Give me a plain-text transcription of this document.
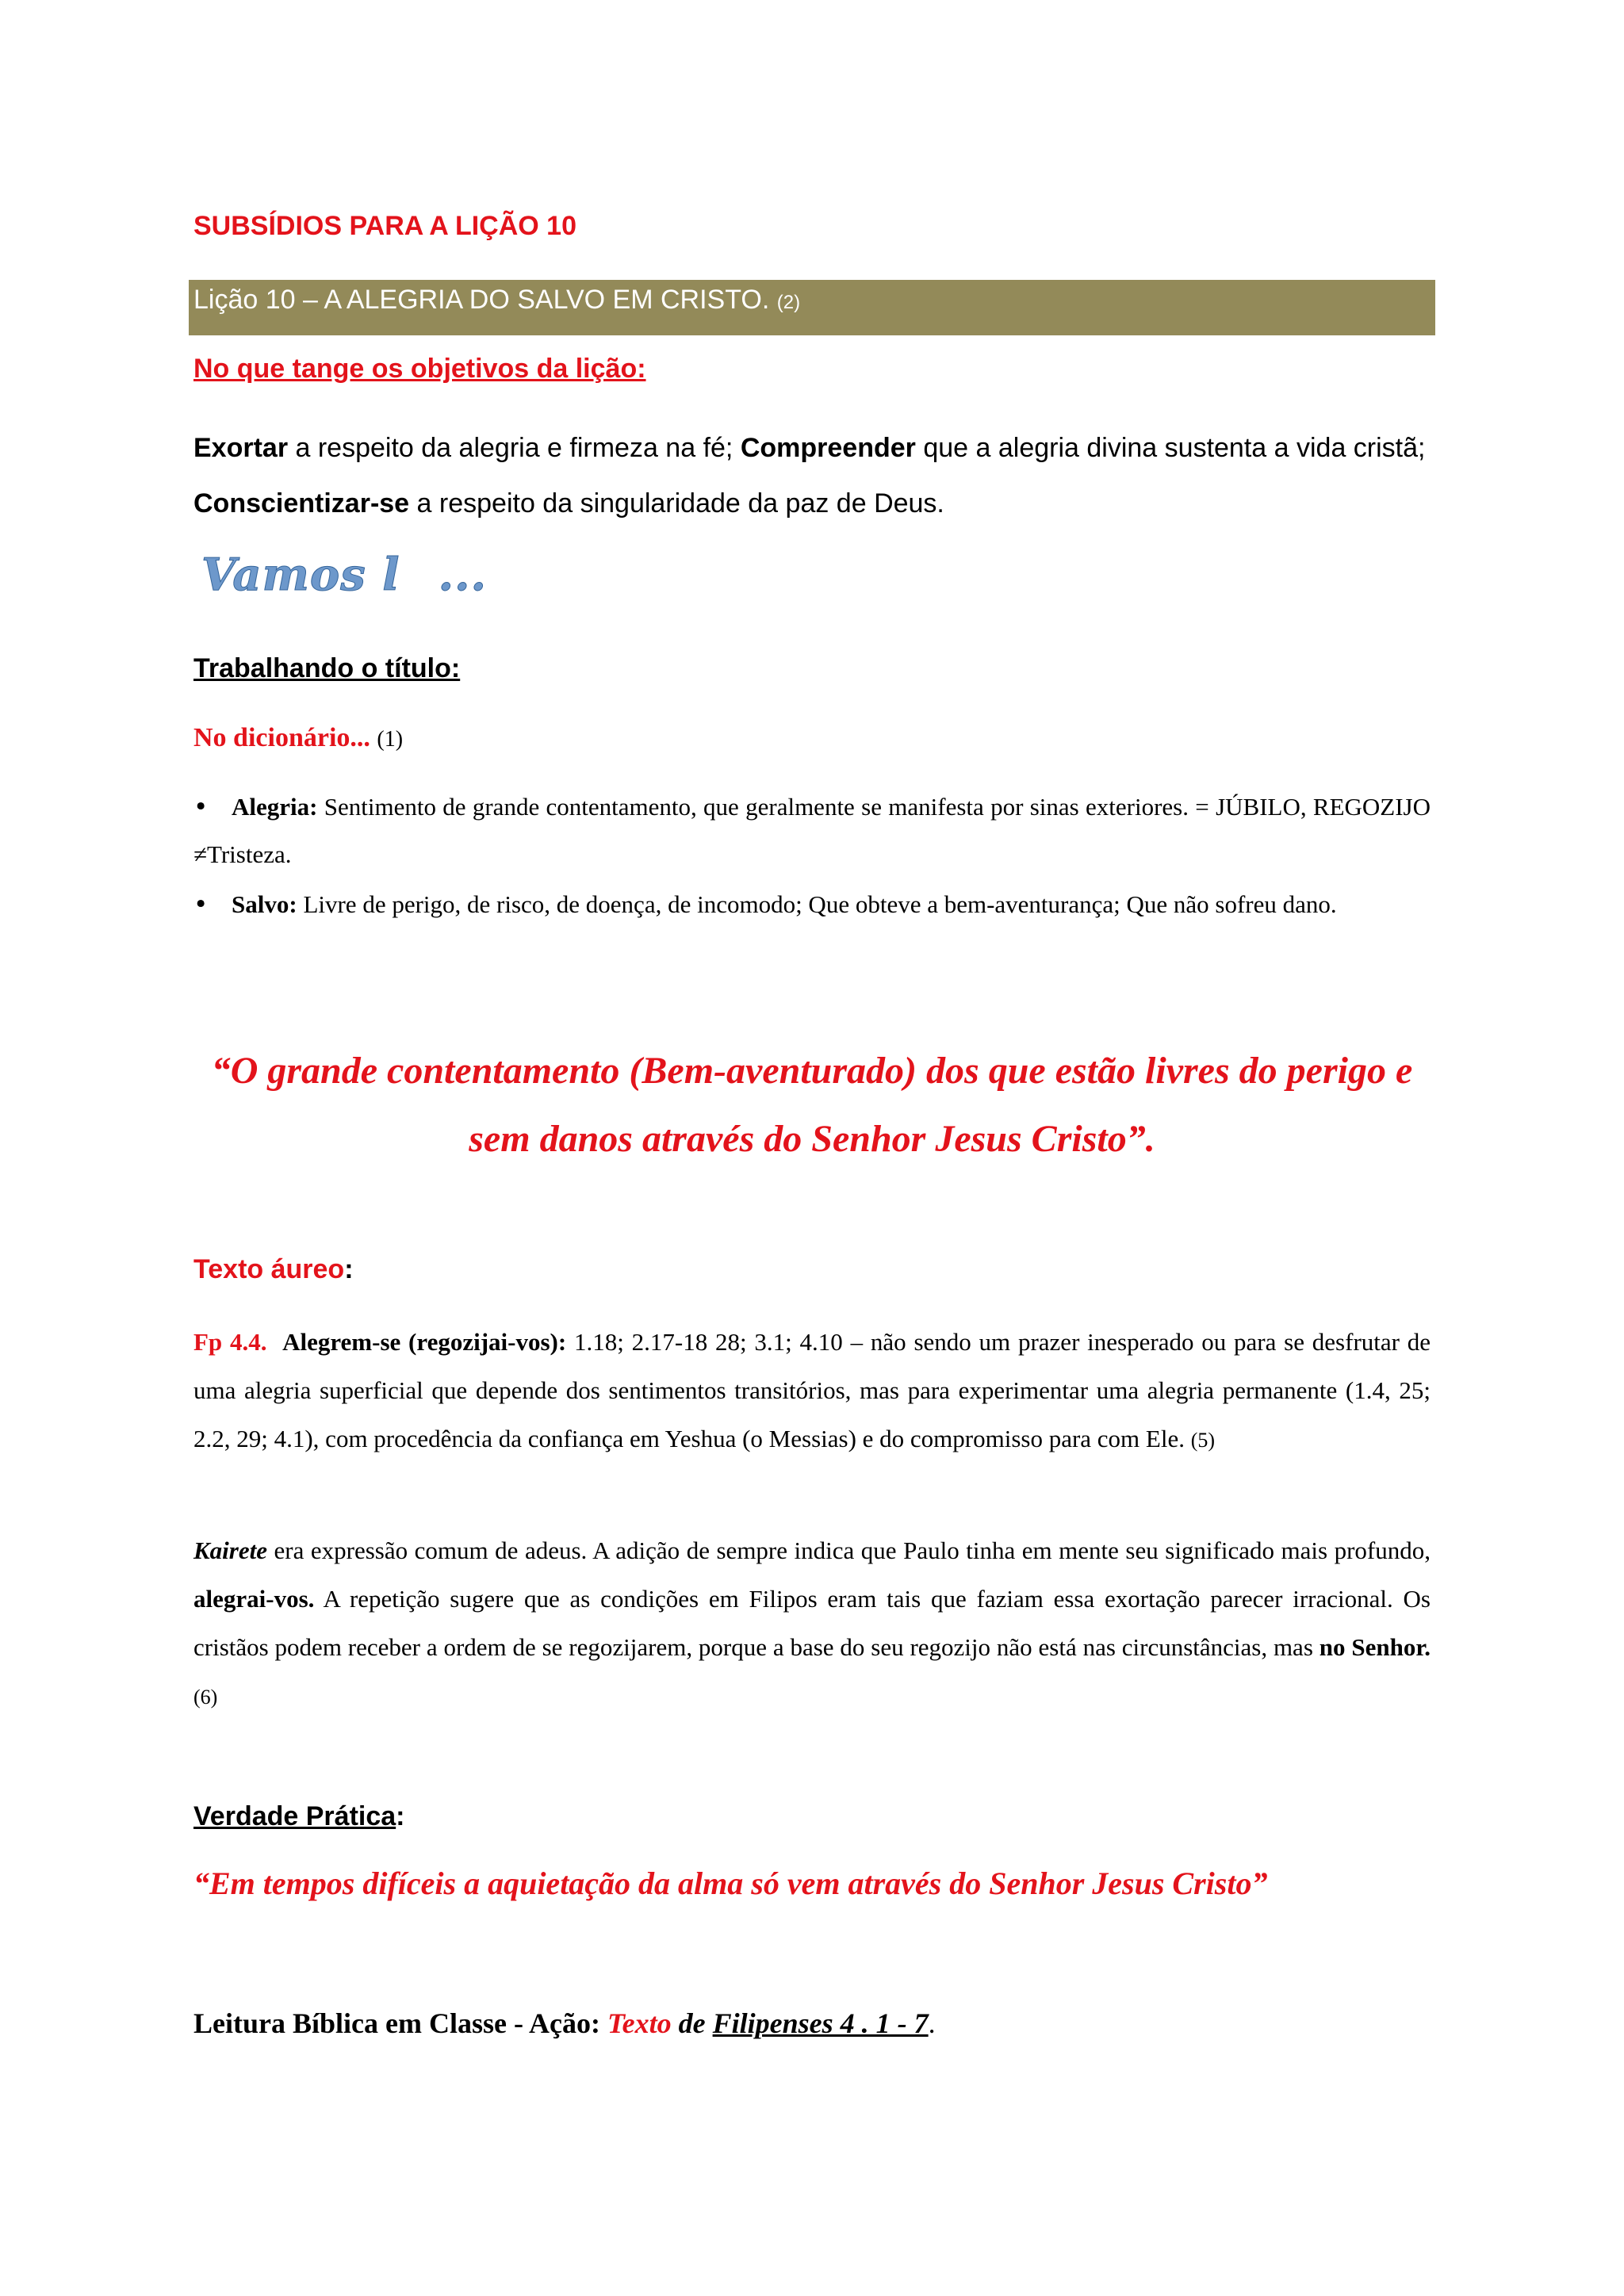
SUBSÍDIOS PARA A LIÇÃO 10
Lição 10 – A ALEGRIA DO SALVO EM CRISTO. (2)
No que tange os objetivos da lição:
Exortar a respeito da alegria e firmeza na fé; Compreender que a alegria divina sustenta a vida cristã; Conscientizar-se a respeito da singularidade da paz de Deus.
Vamos l ...
Trabalhando o título:
No dicionário... (1)

• Alegria: Sentimento de grande contentamento, que geralmente se manifesta por sinas exteriores. = JÚBILO, REGOZIJO ≠Tristeza.

• Salvo: Livre de perigo, de risco, de doença, de incomodo; Que obteve a bem-aventurança; Que não sofreu dano.

“O grande contentamento (Bem-aventurado) dos que estão livres do perigo e sem danos através do Senhor Jesus Cristo”.
Texto áureo:
Fp 4.4. Alegrem-se (regozijai-vos): 1.18; 2.17-18 28; 3.1; 4.10 – não sendo um prazer inesperado ou para se desfrutar de uma alegria superficial que depende dos sentimentos transitórios, mas para experimentar uma alegria permanente (1.4, 25; 2.2, 29; 4.1), com procedência da confiança em Yeshua (o Messias) e do compromisso para com Ele. (5)
Kairete era expressão comum de adeus. A adição de sempre indica que Paulo tinha em mente seu significado mais profundo, alegrai-vos. A repetição sugere que as condições em Filipos eram tais que faziam essa exortação parecer irracional. Os cristãos podem receber a ordem de se regozijarem, porque a base do seu regozijo não está nas circunstâncias, mas no Senhor. (6)
Verdade Prática:
“Em tempos difíceis a aquietação da alma só vem através do Senhor Jesus Cristo”
Leitura Bíblica em Classe - Ação: Texto de Filipenses 4 . 1 - 7.
